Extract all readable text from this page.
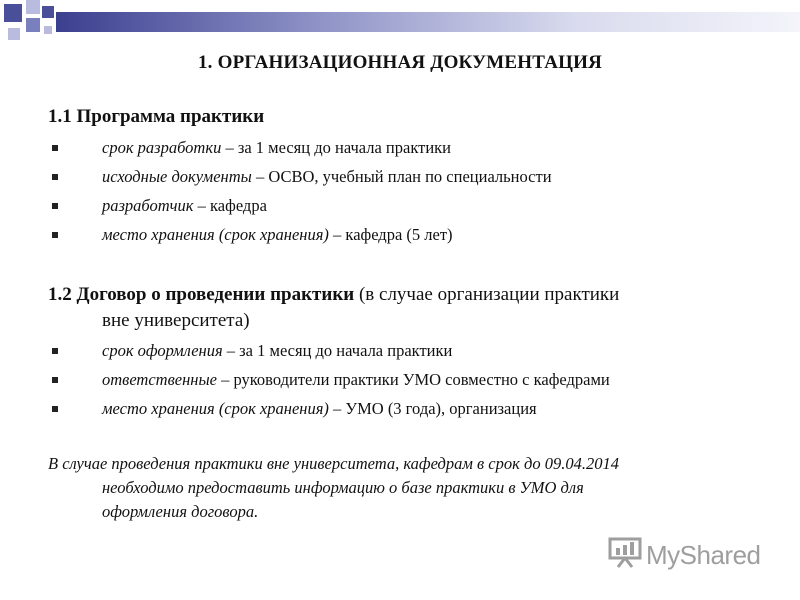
1. ОРГАНИЗАЦИОННАЯ ДОКУМЕНТАЦИЯ
1.1 Программа практики
срок разработки – за 1 месяц до начала практики
исходные документы – ОСВО, учебный план по специальности
разработчик – кафедра
место хранения (срок хранения) – кафедра (5 лет)
1.2 Договор о проведении практики (в случае организации практики
вне университета)
срок оформления – за 1 месяц до начала практики
ответственные – руководители практики УМО совместно с кафедрами
место хранения (срок хранения) – УМО (3 года), организация
В случае проведения практики вне университета, кафедрам в срок до 09.04.2014
необходимо предоставить информацию о базе практики в УМО для
оформления договора.
MyShared
